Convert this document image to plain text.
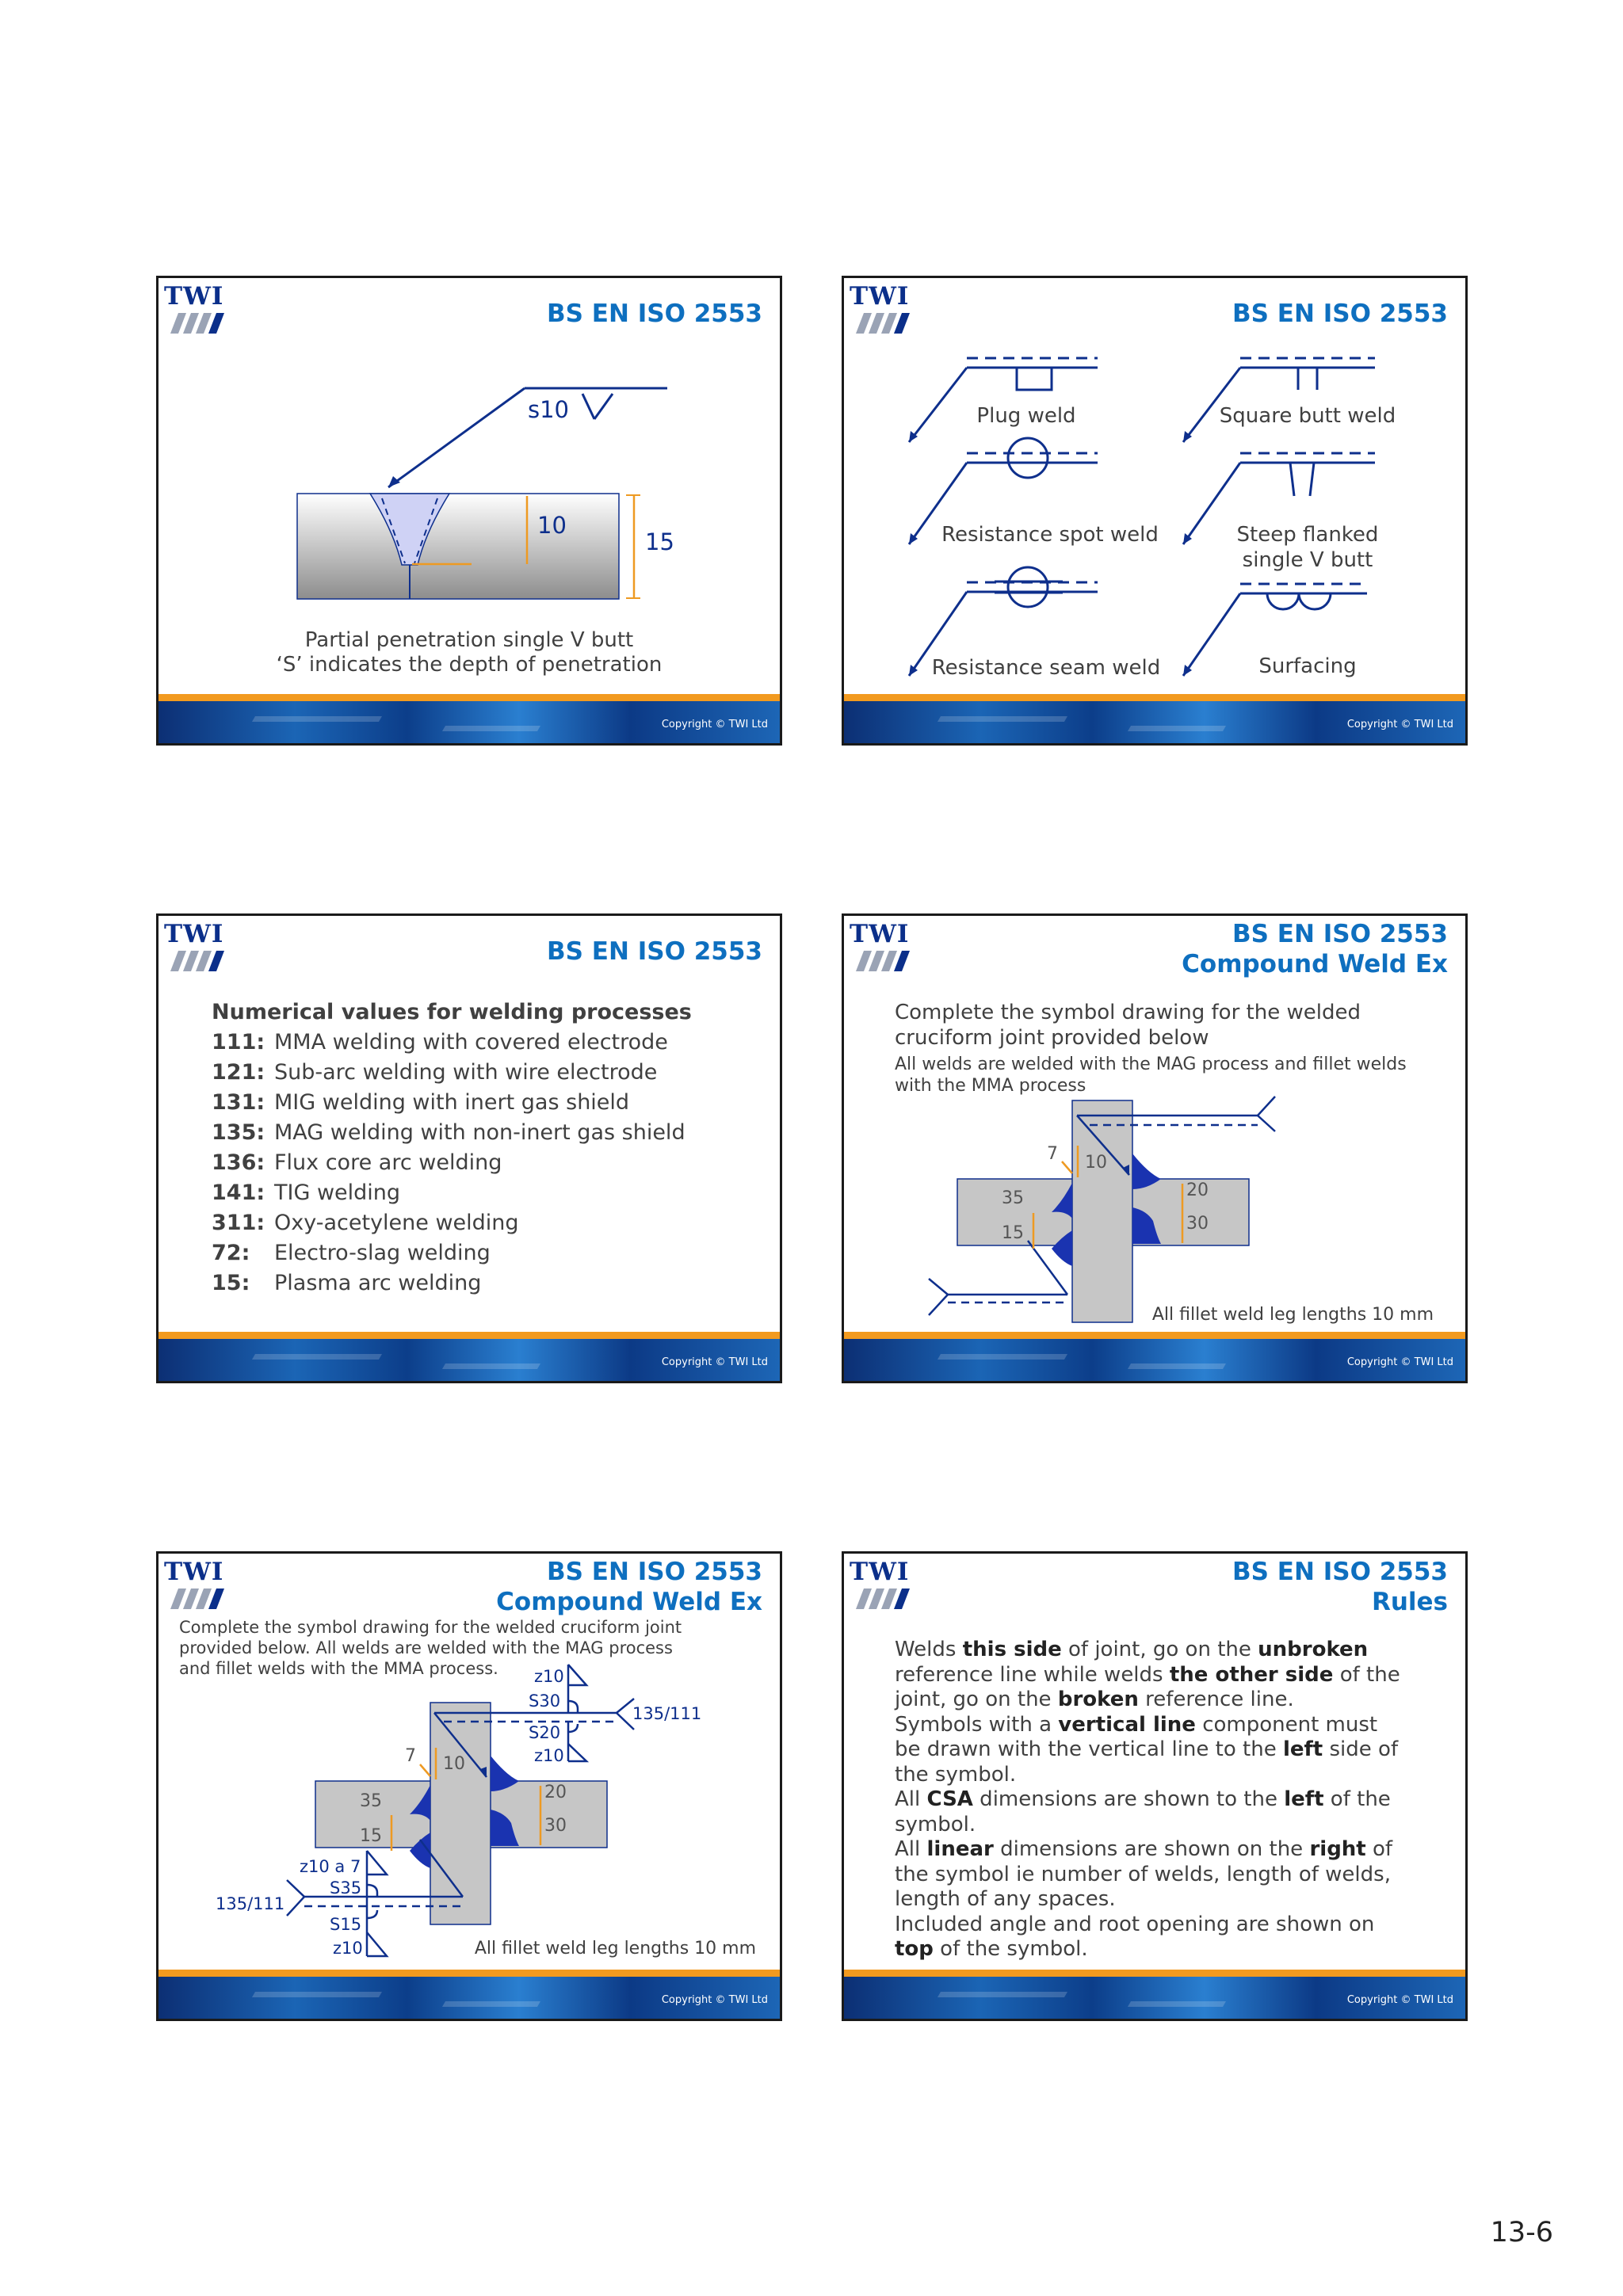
TWI
BS EN ISO 2553
s10
10
15
Partial penetration single V butt
‘S’ indicates the depth of penetration
Copyright © TWI Ltd
TWI
BS EN ISO 2553
Plug weld	Square butt weld
Resistance spot weld	Steep flanked
single V butt
Resistance seam weld	Surfacing
Copyright © TWI Ltd
TWI
BS EN ISO 2553
Numerical values for welding processes
111: MMA welding with covered electrode
121: Sub-arc welding with wire electrode
131: MIG welding with inert gas shield
135: MAG welding with non-inert gas shield
136: Flux core arc welding
141: TIG welding
311: Oxy-acetylene welding
72: Electro-slag welding
15: Plasma arc welding
Copyright © TWI Ltd
TWI	BS EN ISO 2553
Compound Weld Ex
Complete the symbol drawing for the welded
cruciform joint provided below
All welds are welded with the MAG process and fillet welds
with the MMA process
7 10
35
15
20
30
All fillet weld leg lengths 10 mm
Copyright © TWI Ltd
TWI	BS EN ISO 2553
Compound Weld Ex
Complete the symbol drawing for the welded cruciform joint
provided below. All welds are welded with the MAG process
and fillet welds with the MMA process.
7 10
35
15
20
30
z10
S30
135/111
S20
z10
z10 a 7
S35
135/111
S15
z10	All fillet weld leg lengths 10 mm
Copyright © TWI Ltd
TWI	BS EN ISO 2553
Rules

Welds this side of joint, go on the unbroken

reference line while welds the other side of the

joint, go on the broken reference line.

Symbols with a vertical line component must

be drawn with the vertical line to the left side of

the symbol.

All CSA dimensions are shown to the left of the

symbol.

All linear dimensions are shown on the right of

the symbol ie number of welds, length of welds,

length of any spaces.

Included angle and root opening are shown on

top of the symbol.

Copyright © TWI Ltd
13-6
